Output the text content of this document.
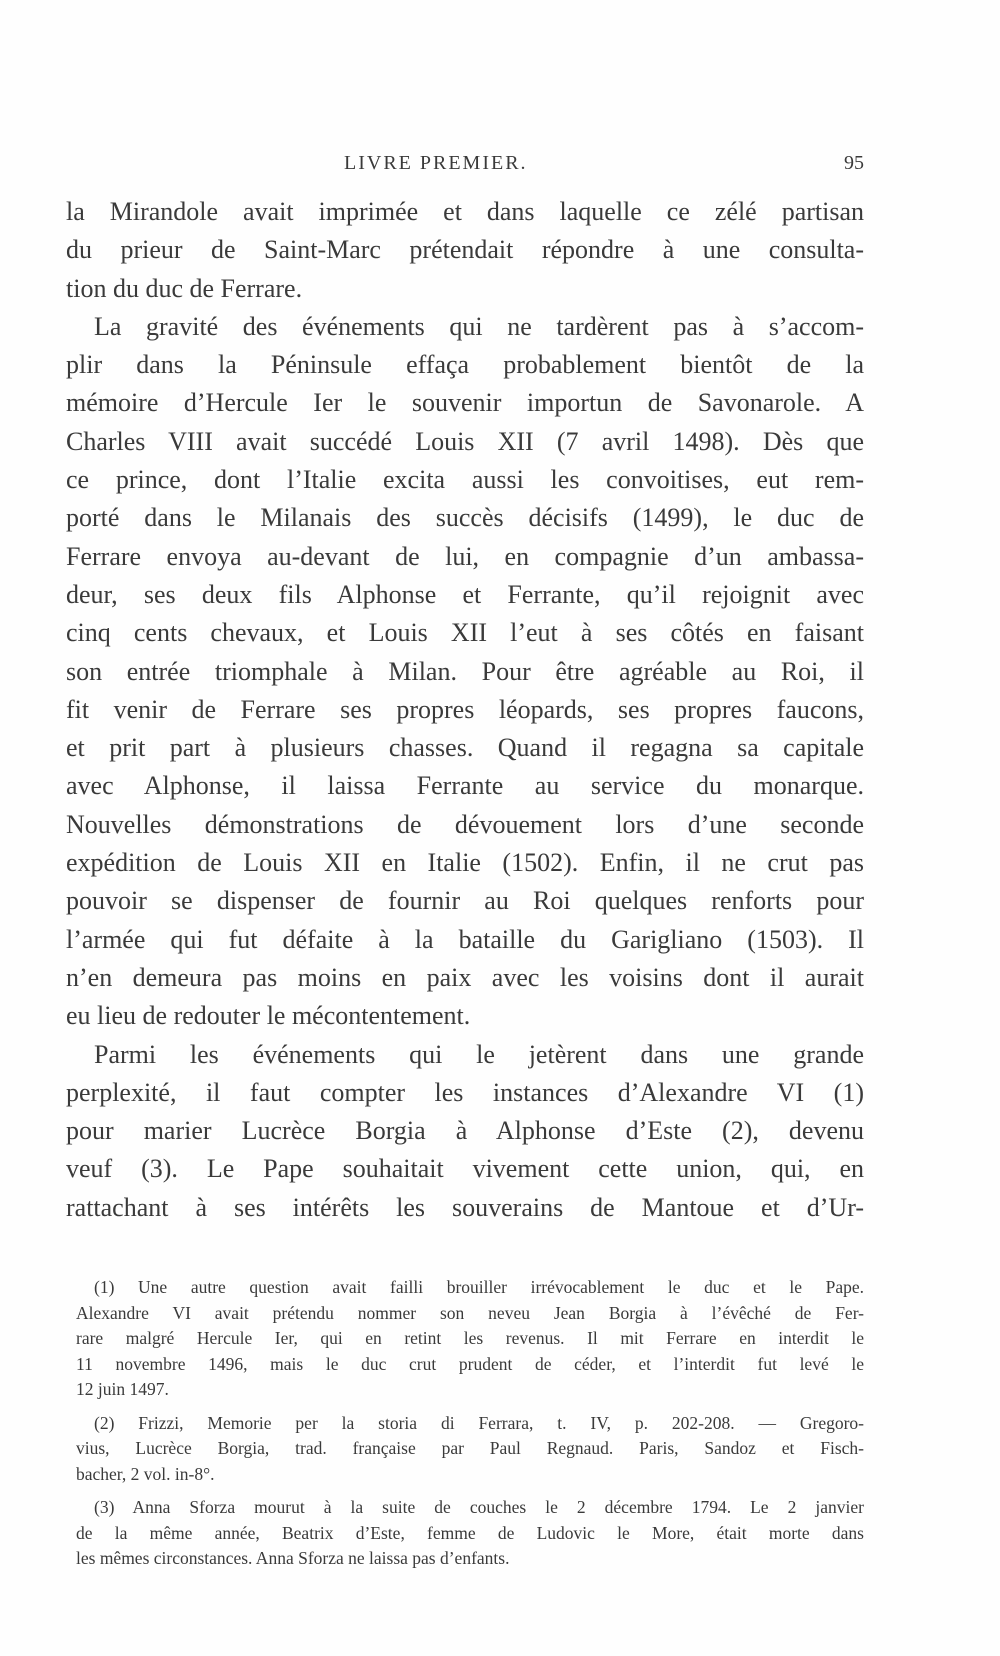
LIVRE PREMIER.	95
la Mirandole avait imprimée et dans laquelle ce zélé partisan
du prieur de Saint-Marc prétendait répondre à une consulta-
tion du duc de Ferrare.
La gravité des événements qui ne tardèrent pas à s’accom-
plir dans la Péninsule effaça probablement bientôt de la
mémoire d’Hercule Ier le souvenir importun de Savonarole. A
Charles VIII avait succédé Louis XII (7 avril 1498). Dès que
ce prince, dont l’Italie excita aussi les convoitises, eut rem-
porté dans le Milanais des succès décisifs (1499), le duc de
Ferrare envoya au-devant de lui, en compagnie d’un ambassa-
deur, ses deux fils Alphonse et Ferrante, qu’il rejoignit avec
cinq cents chevaux, et Louis XII l’eut à ses côtés en faisant
son entrée triomphale à Milan. Pour être agréable au Roi, il
fit venir de Ferrare ses propres léopards, ses propres faucons,
et prit part à plusieurs chasses. Quand il regagna sa capitale
avec Alphonse, il laissa Ferrante au service du monarque.
Nouvelles démonstrations de dévouement lors d’une seconde
expédition de Louis XII en Italie (1502). Enfin, il ne crut pas
pouvoir se dispenser de fournir au Roi quelques renforts pour
l’armée qui fut défaite à la bataille du Garigliano (1503). Il
n’en demeura pas moins en paix avec les voisins dont il aurait
eu lieu de redouter le mécontentement.
Parmi les événements qui le jetèrent dans une grande
perplexité, il faut compter les instances d’Alexandre VI (1)
pour marier Lucrèce Borgia à Alphonse d’Este (2), devenu
veuf (3). Le Pape souhaitait vivement cette union, qui, en
rattachant à ses intérêts les souverains de Mantoue et d’Ur-
(1) Une autre question avait failli brouiller irrévocablement le duc et le Pape.
Alexandre VI avait prétendu nommer son neveu Jean Borgia à l’évêché de Fer-
rare malgré Hercule Ier, qui en retint les revenus. Il mit Ferrare en interdit le
11 novembre 1496, mais le duc crut prudent de céder, et l’interdit fut levé le
12 juin 1497.
(2) Frizzi, Memorie per la storia di Ferrara, t. IV, p. 202-208. — Gregoro-
vius, Lucrèce Borgia, trad. française par Paul Regnaud. Paris, Sandoz et Fisch-
bacher, 2 vol. in-8°.
(3) Anna Sforza mourut à la suite de couches le 2 décembre 1794. Le 2 janvier
de la même année, Beatrix d’Este, femme de Ludovic le More, était morte dans
les mêmes circonstances. Anna Sforza ne laissa pas d’enfants.
